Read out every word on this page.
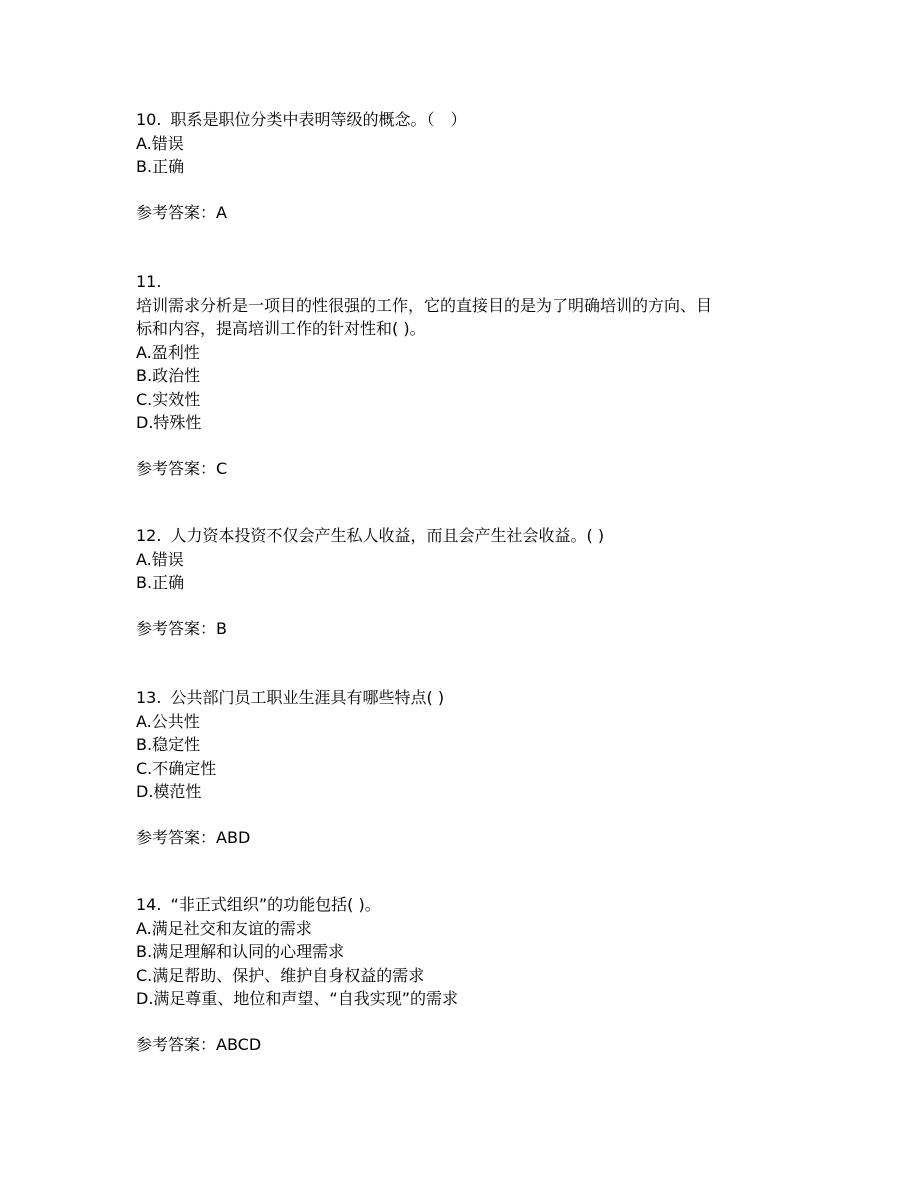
10. 职系是职位分类中表明等级的概念。（　）

A.错误

B.正确

参考答案：A

11.

培训需求分析是一项目的性很强的工作，它的直接目的是为了明确培训的方向、目

标和内容，提高培训工作的针对性和( )。

A.盈利性

B.政治性

C.实效性

D.特殊性

参考答案：C

12. 人力资本投资不仅会产生私人收益，而且会产生社会收益。( )

A.错误

B.正确

参考答案：B

13. 公共部门员工职业生涯具有哪些特点( )

A.公共性

B.稳定性

C.不确定性

D.模范性

参考答案：ABD

14. “非正式组织”的功能包括( )。

A.满足社交和友谊的需求

B.满足理解和认同的心理需求

C.满足帮助、保护、维护自身权益的需求

D.满足尊重、地位和声望、“自我实现”的需求

参考答案：ABCD
